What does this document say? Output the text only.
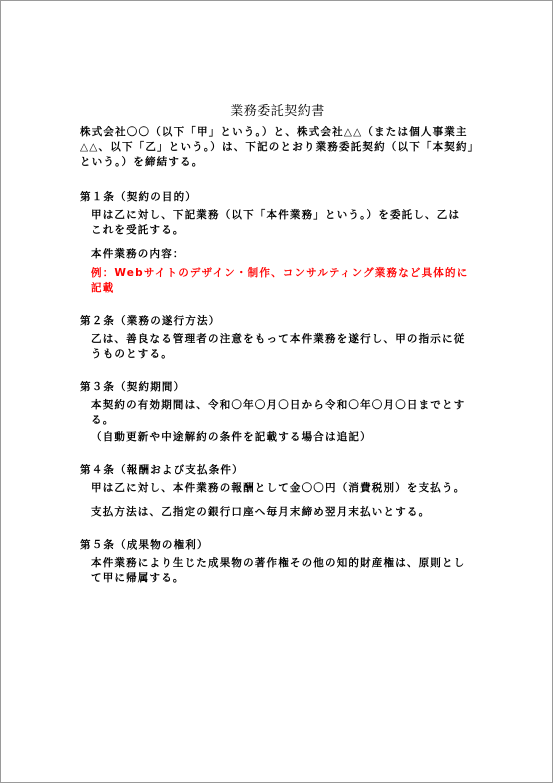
業務委託契約書

株式会社〇〇（以下「甲」という。）と、株式会社△△（または個人事業主△△、以下「乙」という。）は、下記のとおり業務委託契約（以下「本契約」という。）を締結する。

第１条（契約の目的）

甲は乙に対し、下記業務（以下「本件業務」という。）を委託し、乙はこれを受託する。

本件業務の内容：

例：Webサイトのデザイン・制作、コンサルティング業務など具体的に記載

第２条（業務の遂行方法）

乙は、善良なる管理者の注意をもって本件業務を遂行し、甲の指示に従うものとする。

第３条（契約期間）

本契約の有効期間は、令和〇年〇月〇日から令和〇年〇月〇日までとする。

（自動更新や中途解約の条件を記載する場合は追記）

第４条（報酬および支払条件）

甲は乙に対し、本件業務の報酬として金〇〇円（消費税別）を支払う。

支払方法は、乙指定の銀行口座へ毎月末締め翌月末払いとする。

第５条（成果物の権利）

本件業務により生じた成果物の著作権その他の知的財産権は、原則として甲に帰属する。
